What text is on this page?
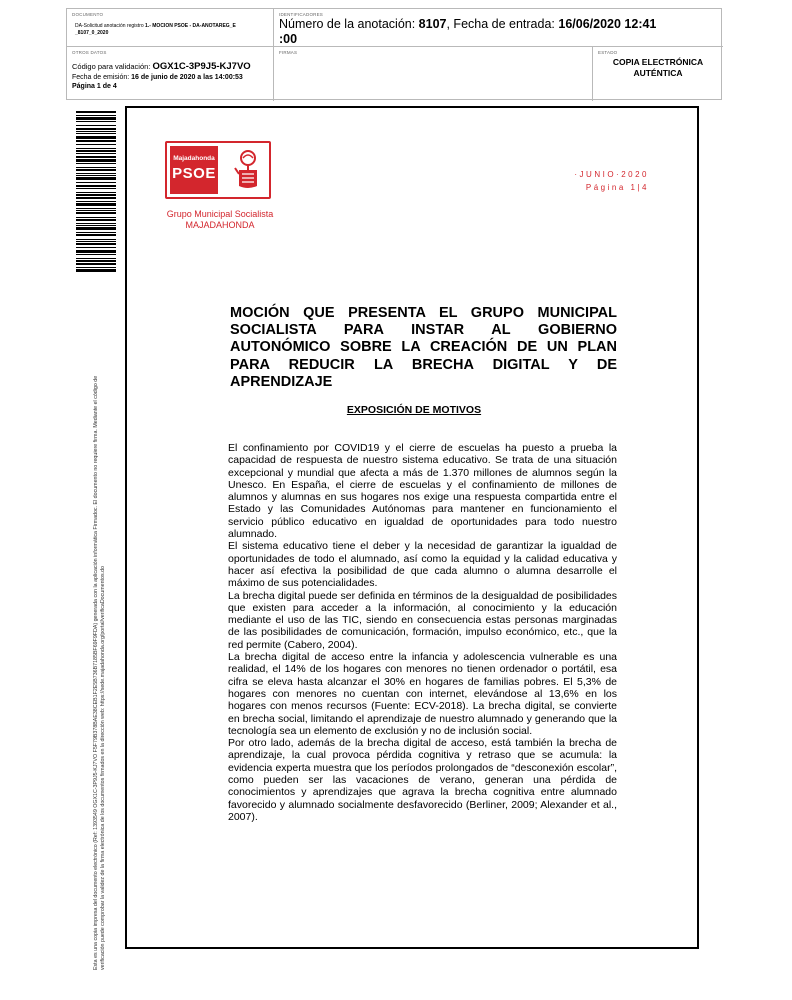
DOCUMENTO
DA-Solicitud anotación registro 1.- MOCION PSOE - DA-ANOTAREG_E
_8107_0_2020
IDENTIFICADORES
Número de la anotación: 8107, Fecha de entrada: 16/06/2020 12:41
:00
OTROS DATOS
Código para validación: OGX1C-3P9J5-KJ7VO
Fecha de emisión: 16 de junio de 2020 a las 14:00:53
Página 1 de 4
FIRMAS	ESTADO
COPIA ELECTRÓNICA
AUTÉNTICA
Esta es una copia impresa del documento electrónico (Ref: 1393549 OGX1C-3P9J5-KJ7VO F5F79B378BAE38CEB1F2E5B736B7185BF69F9FDA) generada con la aplicación informática Firmadoc. El documento no requiere firma. Mediante el código de verificación puede comprobar la validez de la firma electrónica de los documentos firmados en la dirección web: https://sede.majadahonda.org/portal/verificaDocumentos.do
Majadahonda
PSOE
Grupo Municipal Socialista
MAJADAHONDA
·JUNIO·2020
Página 1|4
MOCIÓN QUE PRESENTA EL GRUPO MUNICIPAL SOCIALISTA PARA INSTAR AL GOBIERNO AUTONÓMICO SOBRE LA CREACIÓN DE UN PLAN PARA REDUCIR LA BRECHA DIGITAL Y DE APRENDIZAJE
EXPOSICIÓN DE MOTIVOS

El confinamiento por COVID19 y el cierre de escuelas ha puesto a prueba la capacidad de respuesta de nuestro sistema educativo. Se trata de una situación excepcional y mundial que afecta a más de 1.370 millones de alumnos según la Unesco. En España, el cierre de escuelas y el confinamiento de millones de alumnos y alumnas en sus hogares nos exige una respuesta compartida entre el Estado y las Comunidades Autónomas para mantener en funcionamiento el servicio público educativo en igualdad de oportunidades para todo nuestro alumnado.

El sistema educativo tiene el deber y la necesidad de garantizar la igualdad de oportunidades de todo el alumnado, así como la equidad y la calidad educativa y hacer así efectiva la posibilidad de que cada alumno o alumna desarrolle el máximo de sus potencialidades.

La brecha digital puede ser definida en términos de la desigualdad de posibilidades que existen para acceder a la información, al conocimiento y la educación mediante el uso de las TIC, siendo en consecuencia estas personas marginadas de las posibilidades de comunicación, formación, impulso económico, etc., que la red permite (Cabero, 2004).

La brecha digital de acceso entre la infancia y adolescencia vulnerable es una realidad, el 14% de los hogares con menores no tienen ordenador o portátil, esa cifra se eleva hasta alcanzar el 30% en hogares de familias pobres. El 5,3% de hogares con menores no cuentan con internet, elevándose al 13,6% en los hogares con menos recursos (Fuente: ECV-2018). La brecha digital, se convierte en brecha social, limitando el aprendizaje de nuestro alumnado y generando que la tecnología sea un elemento de exclusión y no de inclusión social.

Por otro lado, además de la brecha digital de acceso, está también la brecha de aprendizaje, la cual provoca pérdida cognitiva y retraso que se acumula: la evidencia experta muestra que los períodos prolongados de “desconexión escolar”, como pueden ser las vacaciones de verano, generan una pérdida de conocimientos y aprendizajes que agrava la brecha cognitiva entre alumnado favorecido y alumnado socialmente desfavorecido (Berliner, 2009; Alexander et al., 2007).
